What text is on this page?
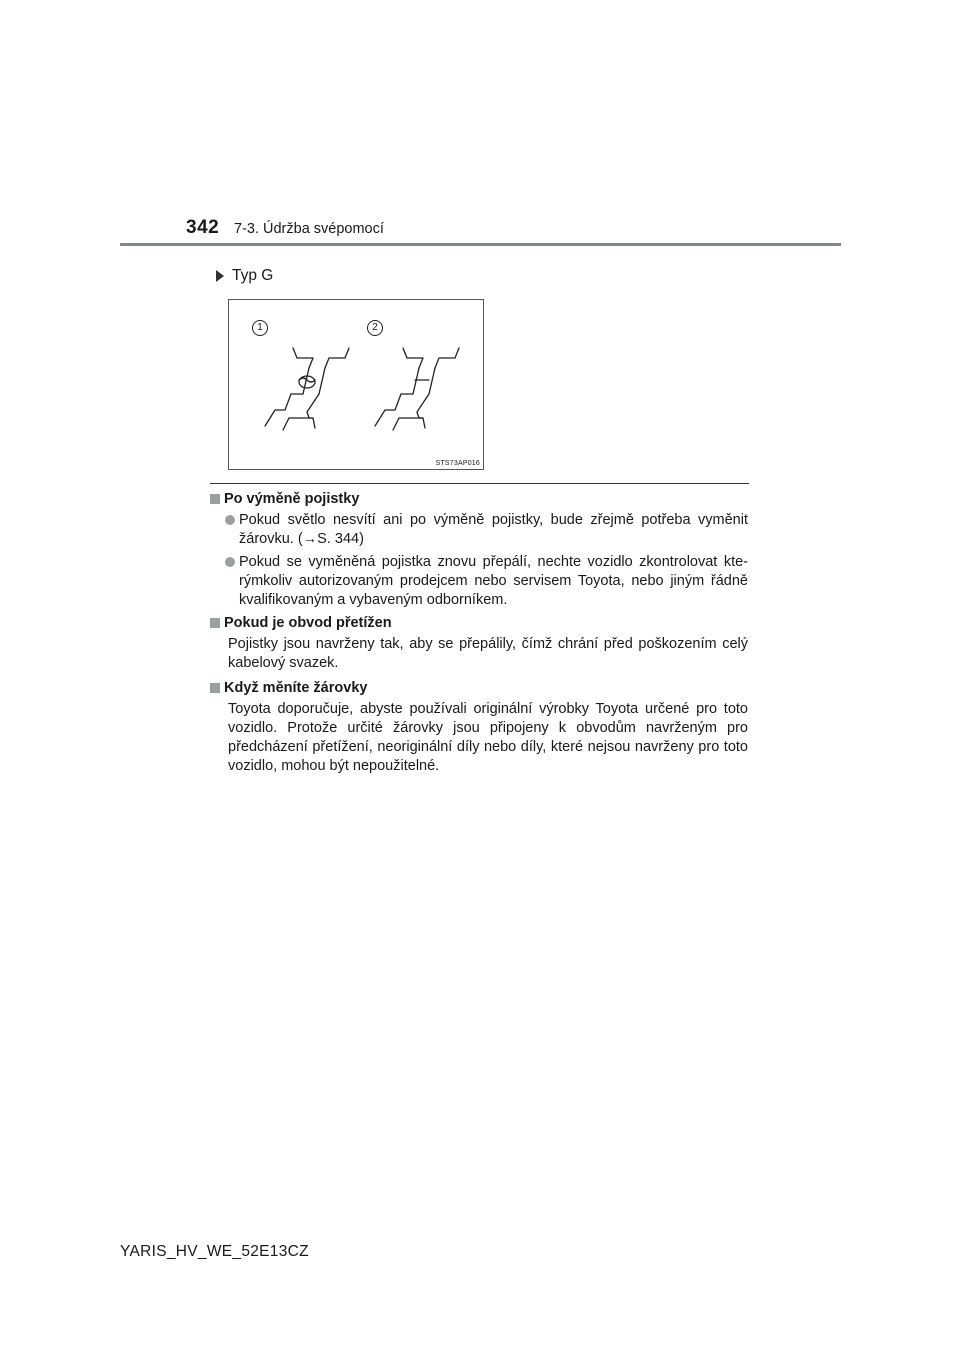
342 7-3. Údržba svépomocí
Typ G
1	2
STS73AP016
Po výměně pojistky
Pokud světlo nesvítí ani po výměně pojistky, bude zřejmě potřeba vyměnit žárovku. (→S. 344)
Pokud se vyměněná pojistka znovu přepálí, nechte vozidlo zkontrolovat kte- rýmkoliv autorizovaným prodejcem nebo servisem Toyota, nebo jiným řádně kvalifikovaným a vybaveným odborníkem.
Pokud je obvod přetížen
Pojistky jsou navrženy tak, aby se přepálily, čímž chrání před poškozením celý kabelový svazek.
Když měníte žárovky
Toyota doporučuje, abyste používali originální výrobky Toyota určené pro toto vozidlo. Protože určité žárovky jsou připojeny k obvodům navrženým pro předcházení přetížení, neoriginální díly nebo díly, které nejsou navrženy pro toto vozidlo, mohou být nepoužitelné.
YARIS_HV_WE_52E13CZ
